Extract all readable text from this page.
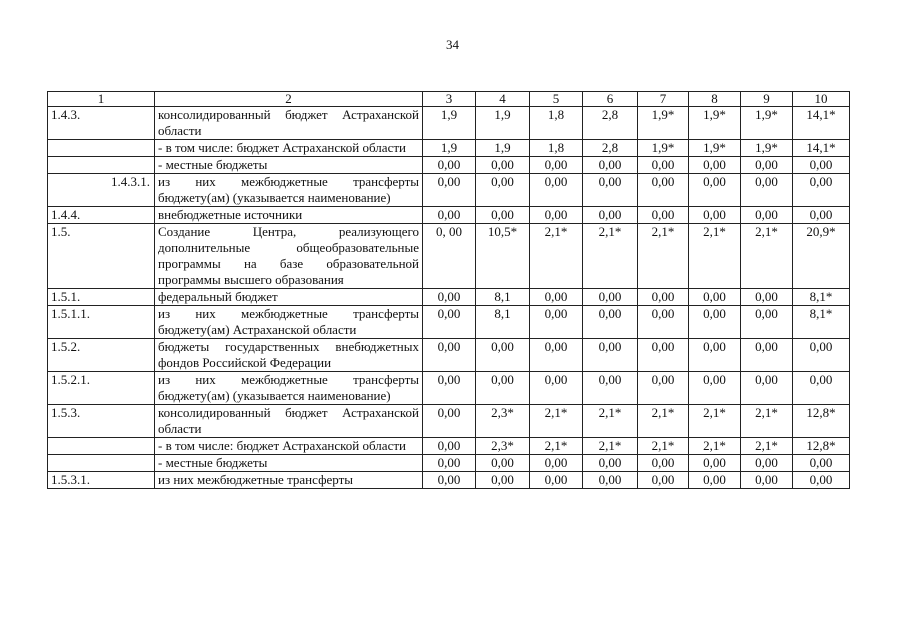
34
1	2	3	4	5	6	7	8	9	10
1.4.3.	консолидированный бюджет Астраханской области	1,9	1,9	1,8	2,8	1,9*	1,9*	1,9*	14,1*
	- в том числе: бюджет Астраханской области	1,9	1,9	1,8	2,8	1,9*	1,9*	1,9*	14,1*
	- местные бюджеты	0,00	0,00	0,00	0,00	0,00	0,00	0,00	0,00
1.4.3.1.	из них межбюджетные трансферты бюджету(ам) (указывается наименование)	0,00	0,00	0,00	0,00	0,00	0,00	0,00	0,00
1.4.4.	внебюджетные источники	0,00	0,00	0,00	0,00	0,00	0,00	0,00	0,00
1.5.	Создание Центра, реализующего дополнительные общеобразовательные программы на базе образовательной программы высшего образования	0, 00	10,5*	2,1*	2,1*	2,1*	2,1*	2,1*	20,9*
1.5.1.	федеральный бюджет	0,00	8,1	0,00	0,00	0,00	0,00	0,00	8,1*
1.5.1.1.	из них межбюджетные трансферты бюджету(ам) Астраханской области	0,00	8,1	0,00	0,00	0,00	0,00	0,00	8,1*
1.5.2.	бюджеты государственных внебюджетных фондов Российской Федерации	0,00	0,00	0,00	0,00	0,00	0,00	0,00	0,00
1.5.2.1.	из них межбюджетные трансферты бюджету(ам) (указывается наименование)	0,00	0,00	0,00	0,00	0,00	0,00	0,00	0,00
1.5.3.	консолидированный бюджет Астраханской области	0,00	2,3*	2,1*	2,1*	2,1*	2,1*	2,1*	12,8*
	- в том числе: бюджет Астраханской области	0,00	2,3*	2,1*	2,1*	2,1*	2,1*	2,1*	12,8*
	- местные бюджеты	0,00	0,00	0,00	0,00	0,00	0,00	0,00	0,00
1.5.3.1.	из них межбюджетные трансферты	0,00	0,00	0,00	0,00	0,00	0,00	0,00	0,00
